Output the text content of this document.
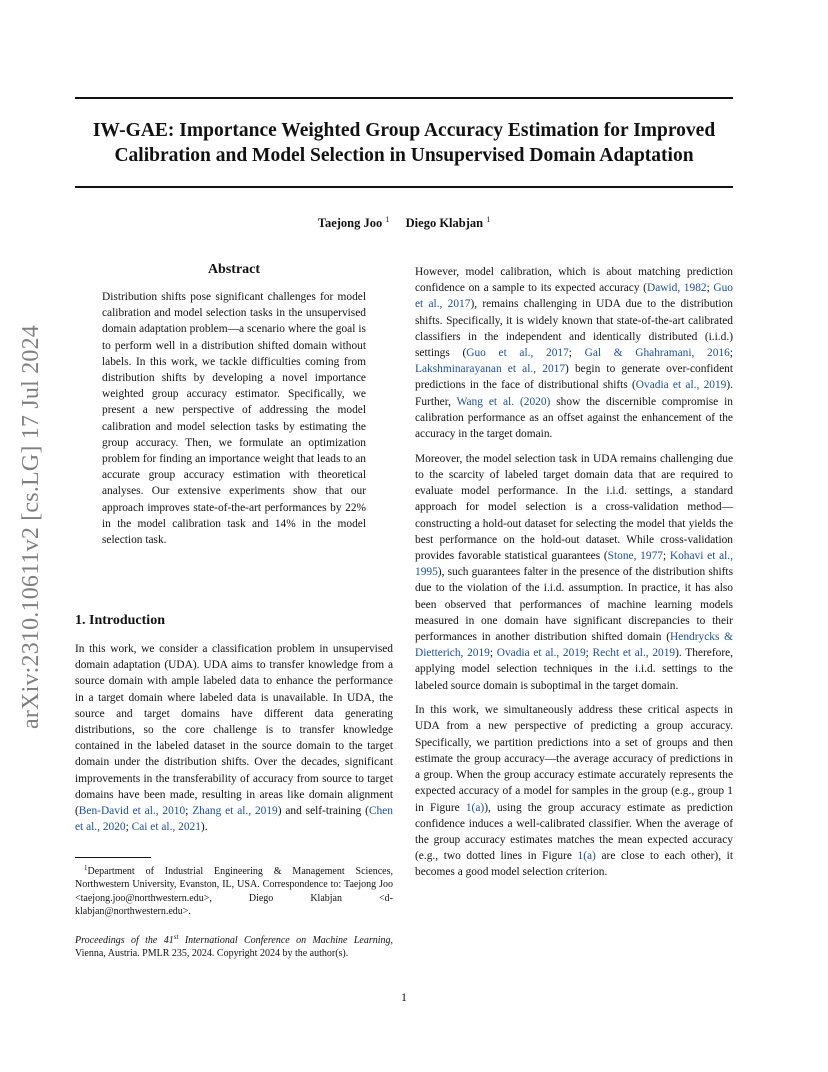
IW-GAE: Importance Weighted Group Accuracy Estimation for Improved
Calibration and Model Selection in Unsupervised Domain Adaptation
Taejong Joo $^1$ Diego Klabjan $^1$
arXiv:2310.10611v2 [cs.LG] 17 Jul 2024
Abstract

Distribution shifts pose significant challenges for model calibration and model selection tasks in the unsupervised domain adaptation problem—a scenario where the goal is to perform well in a distribution shifted domain without labels. In this work, we tackle difficulties coming from distribution shifts by developing a novel importance weighted group accuracy estimator. Specifically, we present a new perspective of addressing the model calibration and model selection tasks by estimating the group accuracy. Then, we formulate an optimization problem for finding an importance weight that leads to an accurate group accuracy estimation with theoretical analyses. Our extensive experiments show that our approach improves state-of-the-art performances by 22% in the model calibration task and 14% in the model selection task.

1. Introduction

In this work, we consider a classification problem in unsupervised domain adaptation (UDA). UDA aims to transfer knowledge from a source domain with ample labeled data to enhance the performance in a target domain where labeled data is unavailable. In UDA, the source and target domains have different data generating distributions, so the core challenge is to transfer knowledge contained in the labeled dataset in the source domain to the target domain under the distribution shifts. Over the decades, significant improvements in the transferability of accuracy from source to target domains have been made, resulting in areas like domain alignment (Ben-David et al., 2010; Zhang et al., 2019) and self-training (Chen et al., 2020; Cai et al., 2021).

$^1$Department of Industrial Engineering & Management Sciences, Northwestern University, Evanston, IL, USA. Correspondence to: Taejong Joo <taejong.joo@northwestern.edu>, Diego Klabjan <d-klabjan@northwestern.edu>.
Proceedings of the 41st International Conference on Machine Learning, Vienna, Austria. PMLR 235, 2024. Copyright 2024 by the author(s).

However, model calibration, which is about matching prediction confidence on a sample to its expected accuracy (Dawid, 1982; Guo et al., 2017), remains challenging in UDA due to the distribution shifts. Specifically, it is widely known that state-of-the-art calibrated classifiers in the independent and identically distributed (i.i.d.) settings (Guo et al., 2017; Gal & Ghahramani, 2016; Lakshminarayanan et al., 2017) begin to generate over-confident predictions in the face of distributional shifts (Ovadia et al., 2019). Further, Wang et al. (2020) show the discernible compromise in calibration performance as an offset against the enhancement of the accuracy in the target domain.

Moreover, the model selection task in UDA remains challenging due to the scarcity of labeled target domain data that are required to evaluate model performance. In the i.i.d. settings, a standard approach for model selection is a cross-validation method—constructing a hold-out dataset for selecting the model that yields the best performance on the hold-out dataset. While cross-validation provides favorable statistical guarantees (Stone, 1977; Kohavi et al., 1995), such guarantees falter in the presence of the distribution shifts due to the violation of the i.i.d. assumption. In practice, it has also been observed that performances of machine learning models measured in one domain have significant discrepancies to their performances in another distribution shifted domain (Hendrycks & Dietterich, 2019; Ovadia et al., 2019; Recht et al., 2019). Therefore, applying model selection techniques in the i.i.d. settings to the labeled source domain is suboptimal in the target domain.

In this work, we simultaneously address these critical aspects in UDA from a new perspective of predicting a group accuracy. Specifically, we partition predictions into a set of groups and then estimate the group accuracy—the average accuracy of predictions in a group. When the group accuracy estimate accurately represents the expected accuracy of a model for samples in the group (e.g., group 1 in Figure 1(a)), using the group accuracy estimate as prediction confidence induces a well-calibrated classifier. When the average of the group accuracy estimates matches the mean expected accuracy (e.g., two dotted lines in Figure 1(a) are close to each other), it becomes a good model selection criterion.

1
